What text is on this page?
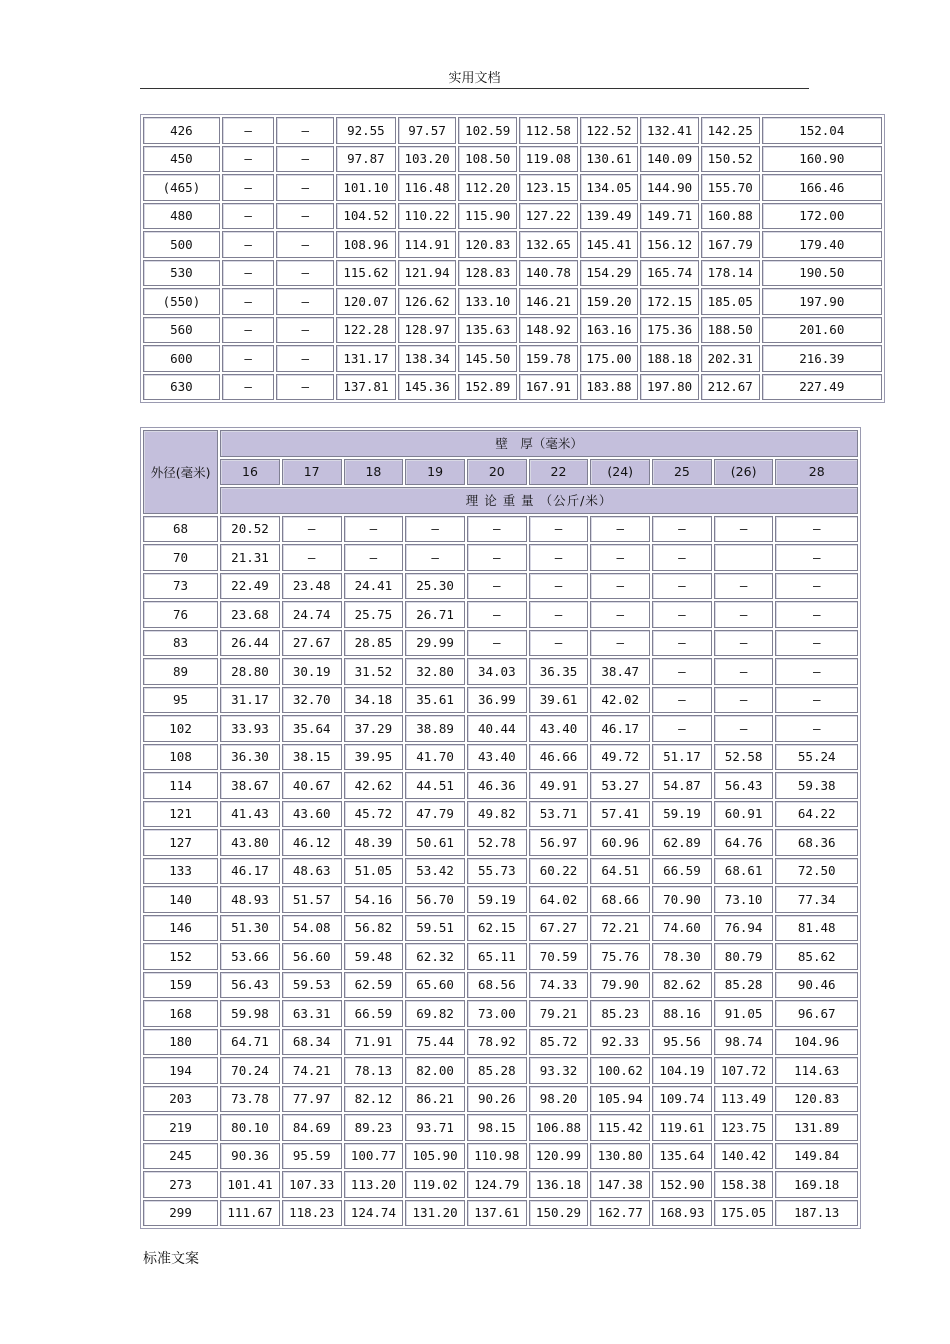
实用文档
426	–	–	92.55	97.57	102.59	112.58	122.52	132.41	142.25	152.04
450	–	–	97.87	103.20	108.50	119.08	130.61	140.09	150.52	160.90
(465)	–	–	101.10	116.48	112.20	123.15	134.05	144.90	155.70	166.46
480	–	–	104.52	110.22	115.90	127.22	139.49	149.71	160.88	172.00
500	–	–	108.96	114.91	120.83	132.65	145.41	156.12	167.79	179.40
530	–	–	115.62	121.94	128.83	140.78	154.29	165.74	178.14	190.50
(550)	–	–	120.07	126.62	133.10	146.21	159.20	172.15	185.05	197.90
560	–	–	122.28	128.97	135.63	148.92	163.16	175.36	188.50	201.60
600	–	–	131.17	138.34	145.50	159.78	175.00	188.18	202.31	216.39
630	–	–	137.81	145.36	152.89	167.91	183.88	197.80	212.67	227.49
外径(毫米)	壁　厚（毫米）									
	16	17	18	19	20	22	(24)	25	(26)	28
	理 论 重 量 （公斤/米）									
68	20.52	–	–	–	–	–	–	–	–	–
70	21.31	–	–	–	–	–	–	–		–
73	22.49	23.48	24.41	25.30	–	–	–	–	–	–
76	23.68	24.74	25.75	26.71	–	–	–	–	–	–
83	26.44	27.67	28.85	29.99	–	–	–	–	–	–
89	28.80	30.19	31.52	32.80	34.03	36.35	38.47	–	–	–
95	31.17	32.70	34.18	35.61	36.99	39.61	42.02	–	–	–
102	33.93	35.64	37.29	38.89	40.44	43.40	46.17	–	–	–
108	36.30	38.15	39.95	41.70	43.40	46.66	49.72	51.17	52.58	55.24
114	38.67	40.67	42.62	44.51	46.36	49.91	53.27	54.87	56.43	59.38
121	41.43	43.60	45.72	47.79	49.82	53.71	57.41	59.19	60.91	64.22
127	43.80	46.12	48.39	50.61	52.78	56.97	60.96	62.89	64.76	68.36
133	46.17	48.63	51.05	53.42	55.73	60.22	64.51	66.59	68.61	72.50
140	48.93	51.57	54.16	56.70	59.19	64.02	68.66	70.90	73.10	77.34
146	51.30	54.08	56.82	59.51	62.15	67.27	72.21	74.60	76.94	81.48
152	53.66	56.60	59.48	62.32	65.11	70.59	75.76	78.30	80.79	85.62
159	56.43	59.53	62.59	65.60	68.56	74.33	79.90	82.62	85.28	90.46
168	59.98	63.31	66.59	69.82	73.00	79.21	85.23	88.16	91.05	96.67
180	64.71	68.34	71.91	75.44	78.92	85.72	92.33	95.56	98.74	104.96
194	70.24	74.21	78.13	82.00	85.28	93.32	100.62	104.19	107.72	114.63
203	73.78	77.97	82.12	86.21	90.26	98.20	105.94	109.74	113.49	120.83
219	80.10	84.69	89.23	93.71	98.15	106.88	115.42	119.61	123.75	131.89
245	90.36	95.59	100.77	105.90	110.98	120.99	130.80	135.64	140.42	149.84
273	101.41	107.33	113.20	119.02	124.79	136.18	147.38	152.90	158.38	169.18
299	111.67	118.23	124.74	131.20	137.61	150.29	162.77	168.93	175.05	187.13
标准文案
